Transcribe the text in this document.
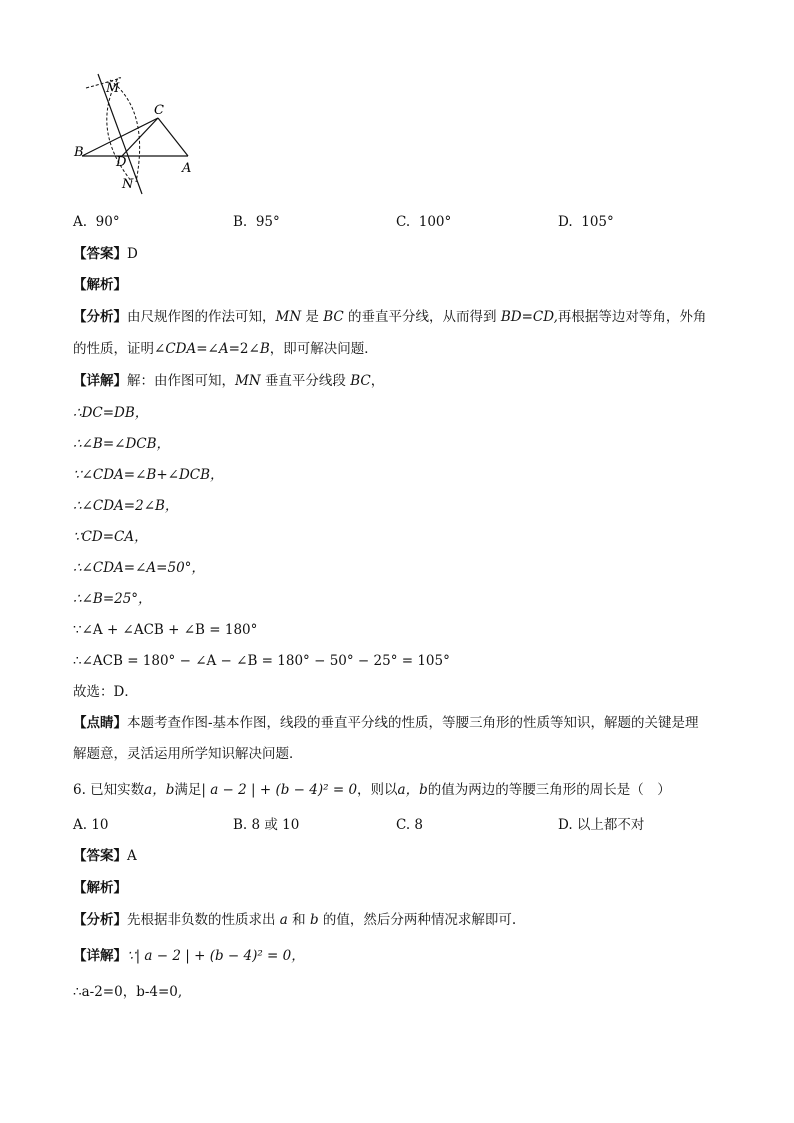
M
C
B
D	A
N
A. 90°	B. 95°	C. 100°	D. 105°
【答案】D
【解析】
【分析】由尺规作图的作法可知，MN 是 BC 的垂直平分线，从而得到 BD=CD,再根据等边对等角，外角
的性质，证明∠CDA=∠A=2∠B，即可解决问题．
【详解】解：由作图可知，MN 垂直平分线段 BC，
∴DC=DB，
∴∠B=∠DCB，
∵∠CDA=∠B+∠DCB，
∴∠CDA=2∠B，
∵CD=CA，
∴∠CDA=∠A=50°，
∴∠B=25°，
∵∠A + ∠ACB + ∠B = 180°
∴∠ACB = 180° − ∠A − ∠B = 180° − 50° − 25° = 105°
故选：D．
【点睛】本题考查作图-基本作图，线段的垂直平分线的性质，等腰三角形的性质等知识，解题的关键是理
解题意，灵活运用所学知识解决问题．
6. 已知实数a，b满足| a − 2 | + (b − 4)² = 0，则以a，b的值为两边的等腰三角形的周长是（　）
A. 10	B. 8 或 10	C. 8	D. 以上都不对
【答案】A
【解析】
【分析】先根据非负数的性质求出 a 和 b 的值，然后分两种情况求解即可.
【详解】∵| a − 2 | + (b − 4)² = 0，
∴a-2=0，b-4=0,
